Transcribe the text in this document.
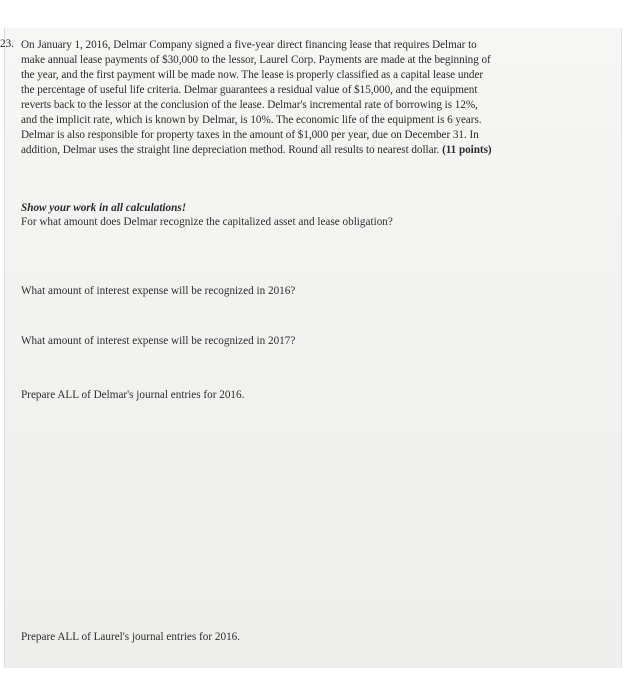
23. On January 1, 2016, Delmar Company signed a five-year direct financing lease that requires Delmar to
make annual lease payments of $30,000 to the lessor, Laurel Corp. Payments are made at the beginning of
the year, and the first payment will be made now. The lease is properly classified as a capital lease under
the percentage of useful life criteria. Delmar guarantees a residual value of $15,000, and the equipment
reverts back to the lessor at the conclusion of the lease. Delmar's incremental rate of borrowing is 12%,
and the implicit rate, which is known by Delmar, is 10%. The economic life of the equipment is 6 years.
Delmar is also responsible for property taxes in the amount of $1,000 per year, due on December 31. In
addition, Delmar uses the straight line depreciation method. Round all results to nearest dollar. (11 points)
Show your work in all calculations!
For what amount does Delmar recognize the capitalized asset and lease obligation?
What amount of interest expense will be recognized in 2016?
What amount of interest expense will be recognized in 2017?
Prepare ALL of Delmar's journal entries for 2016.
Prepare ALL of Laurel's journal entries for 2016.
